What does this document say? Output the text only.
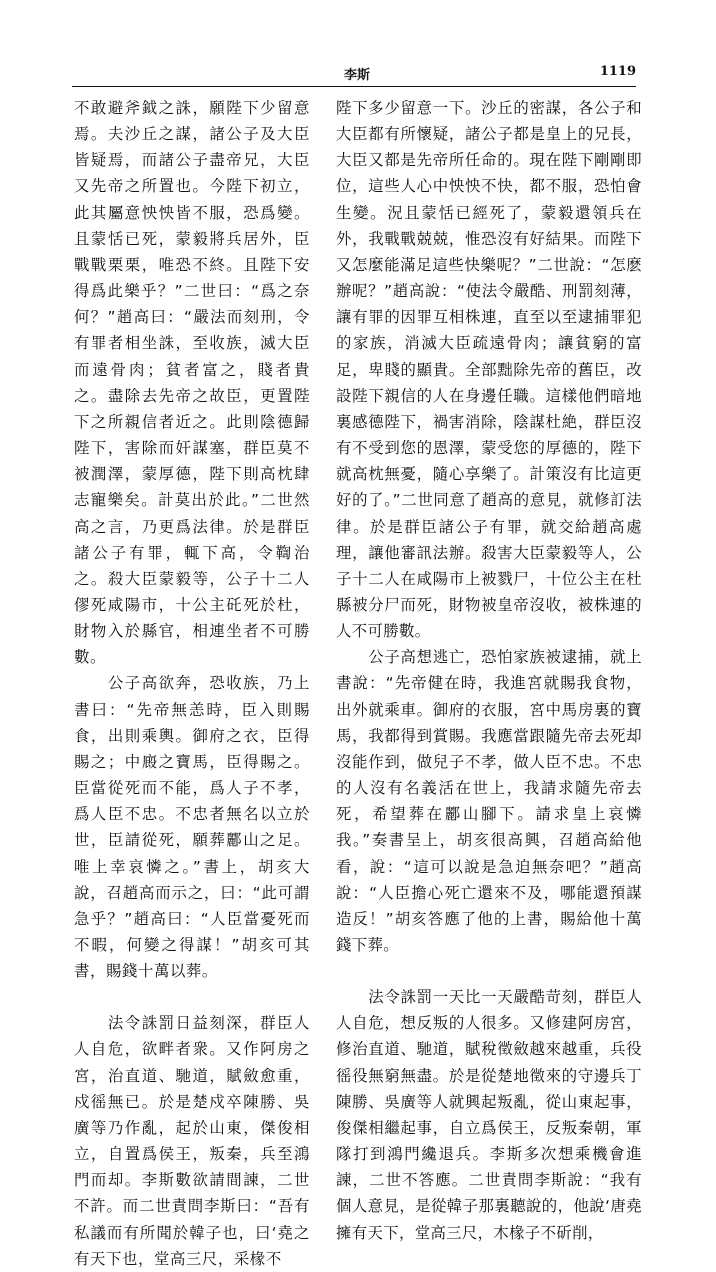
李斯	1119

不敢避斧鉞之誅，願陛下少留意焉。夫沙丘之謀，諸公子及大臣皆疑焉，而諸公子盡帝兄，大臣又先帝之所置也。今陛下初立，此其屬意怏怏皆不服，恐爲變。且蒙恬已死，蒙毅將兵居外，臣戰戰栗栗，唯恐不終。且陛下安得爲此樂乎？”二世曰：“爲之奈何？”趙高曰：“嚴法而刻刑，令有罪者相坐誅，至收族，滅大臣而遠骨肉；貧者富之，賤者貴之。盡除去先帝之故臣，更置陛下之所親信者近之。此則陰德歸陛下，害除而奸謀塞，群臣莫不被潤澤，蒙厚德，陛下則高枕肆志寵樂矣。計莫出於此。”二世然高之言，乃更爲法律。於是群臣諸公子有罪，輒下高，令鞫治之。殺大臣蒙毅等，公子十二人僇死咸陽市，十公主矺死於杜，財物入於縣官，相連坐者不可勝數。

　　公子高欲奔，恐收族，乃上書曰：“先帝無恙時，臣入則賜食，出則乘輿。御府之衣，臣得賜之；中廄之寶馬，臣得賜之。臣當從死而不能，爲人子不孝，爲人臣不忠。不忠者無名以立於世，臣請從死，願葬酈山之足。唯上幸哀憐之。”書上，胡亥大說，召趙高而示之，曰：“此可謂急乎？”趙高曰：“人臣當憂死而不暇，何變之得謀！”胡亥可其書，賜錢十萬以葬。

　　法令誅罰日益刻深，群臣人人自危，欲畔者衆。又作阿房之宮，治直道、馳道，賦斂愈重，戍徭無已。於是楚戍卒陳勝、吳廣等乃作亂，起於山東，傑俊相立，自置爲侯王，叛秦，兵至鴻門而却。李斯數欲請間諫，二世不許。而二世責問李斯曰：“吾有私議而有所聞於韓子也，曰‘堯之有天下也，堂高三尺，采椽不

陛下多少留意一下。沙丘的密謀，各公子和大臣都有所懷疑，諸公子都是皇上的兄長，大臣又都是先帝所任命的。現在陛下剛剛即位，這些人心中怏怏不快，都不服，恐怕會生變。況且蒙恬已經死了，蒙毅還領兵在外，我戰戰兢兢，惟恐沒有好結果。而陛下又怎麼能滿足這些快樂呢？”二世說：“怎麽辦呢？”趙高說：“使法令嚴酷、刑罰刻薄，讓有罪的因罪互相株連，直至以至逮捕罪犯的家族，消滅大臣疏遠骨肉；讓貧窮的富足，卑賤的顯貴。全部黜除先帝的舊臣，改設陛下親信的人在身邊任職。這樣他們暗地裏感德陛下，禍害消除，陰謀杜絶，群臣沒有不受到您的恩澤，蒙受您的厚德的，陛下就高枕無憂，隨心享樂了。計策沒有比這更好的了。”二世同意了趙高的意見，就修訂法律。於是群臣諸公子有罪，就交給趙高處理，讓他審訊法辦。殺害大臣蒙毅等人，公子十二人在咸陽市上被戮尸，十位公主在杜縣被分尸而死，財物被皇帝沒收，被株連的人不可勝數。

　　公子高想逃亡，恐怕家族被逮捕，就上書說：“先帝健在時，我進宮就賜我食物，出外就乘車。御府的衣服，宮中馬房裏的寶馬，我都得到賞賜。我應當跟隨先帝去死却沒能作到，做兒子不孝，做人臣不忠。不忠的人沒有名義活在世上，我請求隨先帝去死，希望葬在酈山腳下。請求皇上哀憐我。”奏書呈上，胡亥很高興，召趙高給他看，說：“這可以說是急迫無奈吧？”趙高說：“人臣擔心死亡還來不及，哪能還預謀造反！”胡亥答應了他的上書，賜給他十萬錢下葬。

　　法令誅罰一天比一天嚴酷苛刻，群臣人人自危，想反叛的人很多。又修建阿房宮，修治直道、馳道，賦稅徵斂越來越重，兵役徭役無窮無盡。於是從楚地徵來的守邊兵丁陳勝、吳廣等人就興起叛亂，從山東起事，俊傑相繼起事，自立爲侯王，反叛秦朝，軍隊打到鴻門纔退兵。李斯多次想乘機會進諫，二世不答應。二世責問李斯說：“我有個人意見，是從韓子那裏聽說的，他說‘唐堯擁有天下，堂高三尺，木椽子不斫削，
